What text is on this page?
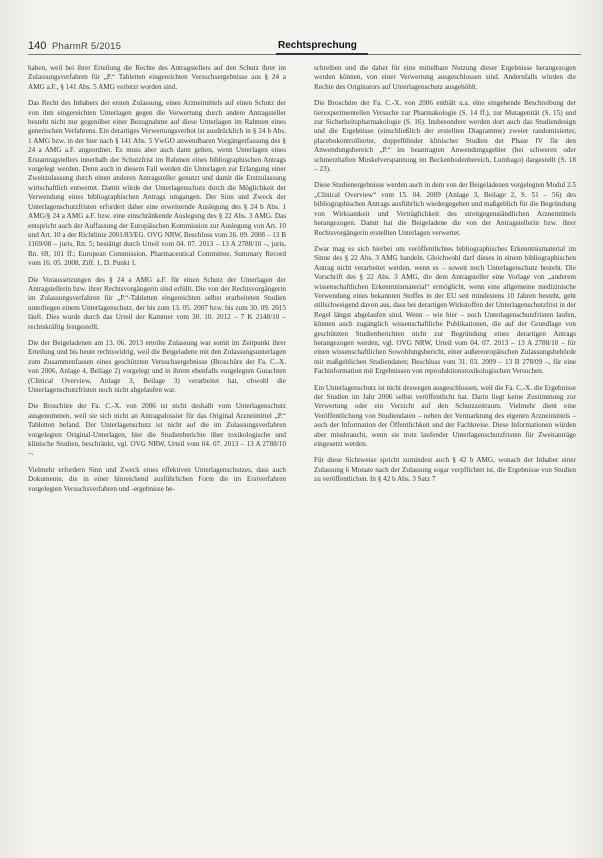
140 PharmR 5/2015	Rechtsprechung

haben, weil bei ihrer Erteilung die Rechte des Antragstellers auf den Schutz ihrer im Zulassungsverfahren für „P.“ Tabletten eingereichten Versuchsergebnisse aus § 24 a AMG a.F., § 141 Abs. 5 AMG verletzt worden sind.

Das Recht des Inhabers der ersten Zulassung, eines Arzneimittels auf einen Schutz der von ihm eingereichten Unterlagen gegen die Verwertung durch andere Antragsteller besteht nicht nur gegenüber einer Bezugnahme auf diese Unterlagen im Rahmen eines generischen Verfahrens. Ein derartiges Verwertungsverbot ist ausdrücklich in § 24 b Abs. 1 AMG bzw. in der hier nach § 141 Abs. 5 VwGO anwendbaren Vorgängerfassung des § 24 a AMG a.F. angeordnet. Es muss aber auch dann gelten, wenn Unterlagen eines Erstantragstellers innerhalb der Schutzfrist im Rahmen eines bibliographischen Antrags vorgelegt werden. Denn auch in diesem Fall werden die Unterlagen zur Erlangung einer Zweitzulassung durch einen anderen Antragsteller genutzt und damit die Erstzulassung wirtschaftlich entwertet. Damit würde der Unterlagenschutz durch die Möglichkeit der Verwendung eines bibliographischen Antrags umgangen. Der Sinn und Zweck der Unterlagenschutzfristen erfordert daher eine erweiternde Auslegung des § 24 b Abs. 1 AMG/§ 24 a AMG a.F. bzw. eine einschränkende Auslegung des § 22 Abs. 3 AMG. Das entspricht auch der Auffassung der Europäischen Kommission zur Auslegung von Art. 10 und Art. 10 a der Richtlinie 2001/83/EG. OVG NRW, Beschluss vom 26. 09. 2008 – 13 B 1169/08 – juris, Rn. 5; bestätigt durch Urteil vom 04. 07. 2013 – 13 A 2788/10 –, juris, Rn. 69, 101 ff.; European Commission, Pharmaceutical Committee, Summary Record vom 16. 05. 2008, Ziff. 1. D. Punkt 1.

Die Voraussetzungen des § 24 a AMG a.F. für einen Schutz der Unterlagen der Antragstellerin bzw. ihrer Rechtsvorgängerin sind erfüllt. Die von der Rechtsvorgängerin im Zulassungsverfahren für „P.“-Tabletten eingereichten selbst erarbeiteten Studien unterliegen einem Unterlagenschutz, der bis zum 13. 05. 2007 bzw. bis zum 30. 09. 2015 läuft. Dies wurde durch das Urteil der Kammer vom 30. 10. 2012 – 7 K 2148/10 – rechtskräftig festgestellt.

Die der Beigeladenen am 13. 06. 2013 erteilte Zulassung war somit im Zeitpunkt ihrer Erteilung und bis heute rechtswidrig, weil die Beigeladene mit den Zulassungsunterlagen zum Zusammenfassen eines geschützten Versuchsergebnisse (Broschüre der Fa. C.-X. von 2006, Anlage 4, Beilage 2) vorgelegt und in ihrem ebenfalls vorgelegten Gutachten (Clinical Overview, Anlage 3, Beilage 3) verarbeitet hat, obwohl die Unterlagenschutzfristen noch nicht abgelaufen war.

Die Broschüre der Fa. C.-X. von 2006 ist nicht deshalb vom Unterlagenschutz ausgenommen, weil sie sich nicht an Antragsdossier für das Original Arzneimittel „P.“ Tabletten befand. Der Unterlagenschutz ist nicht auf die im Zulassungsverfahren vorgelegten Original-Unterlagen, hier die Studienberichte über toxikologische und klinische Studien, beschränkt, vgl. OVG NRW, Urteil vom 04. 07. 2013 – 13 A 2788/10 –.

Vielmehr erfordern Sinn und Zweck eines effektiven Unterlagenschutzes, dass auch Dokumente, die in einer hinreichend ausführlichen Form die im Erstverfahren vorgelegten Versuchsverfahren und -ergebnisse be-

schreiben und die daher für eine mittelbare Nutzung dieser Ergebnisse herangezogen werden können, von einer Verwertung ausgeschlossen sind. Andernfalls würden die Rechte des Originators auf Unterlagenschutz ausgehöhlt.

Die Broschüre der Fa. C.-X. von 2006 enthält u.a. eine eingehende Beschreibung der tierexperimentellen Versuche zur Pharmakologie (S. 14 ff.), zur Mutagenität (S. 15) und zur Sicherheitspharmakologie (S. 16). Insbesondere werden dort auch das Studiendesign und die Ergebnisse (einschließlich der erstellten Diagramme) zweier randomisierter, placebokontrollierter, doppelblinder klinischer Studien der Phase IV für den Anwendungsbereich „P.“ im beantragten Anwendungsgebiet (bei schweren oder schmerzhaften Muskelverspannung im Beckenbodenbereich, Lumbago) dargestellt (S. 18 – 23).

Diese Studienergebnisse werden auch in dem von der Beigeladenen vorgelegten Modul 2.5 „Clinical Overview“ vom 15. 04. 2009 (Anlage 3, Beilage 2, S. 51 – 56) des bibliographischen Antrags ausführlich wiedergegeben und maßgeblich für die Begründung von Wirksamkeit und Verträglichkeit des streitgegenständlichen Arzneimittels herangezogen. Damit hat die Beigeladene die von der Antragstellerin bzw. ihrer Rechtsvorgängerin erstellten Unterlagen verwertet.

Zwar mag es sich hierbei um veröffentlichtes bibliographisches Erkenntnismaterial im Sinne des § 22 Abs. 3 AMG handeln. Gleichwohl darf dieses in einem bibliographischen Antrag nicht verarbeitet werden, wenn es – soweit noch Unterlagenschutz besteht. Die Vorschrift des § 22 Abs. 3 AMG, die dem Antragsteller eine Vorlage von „anderem wissenschaftlichen Erkenntnismaterial“ ermöglicht, wenn eine allgemeine medizinische Verwendung eines bekannten Stoffes in der EU seit mindestens 10 Jahren besteht, geht stillschweigend davon aus, dass bei derartigen Wirkstoffen der Unterlagenschutzfrist in der Regel längst abgelaufen sind. Wenn – wie hier – noch Unterlagenschutzfristen laufen, können auch zugänglich wissenschaftliche Publikationen, die auf der Grundlage von geschützten Studienberichten nicht zur Begründung eines derartigen Antrags herangezogen werden, vgl. OVG NRW, Urteil vom 04. 07. 2013 – 13 A 2788/10 – für einen wissenschaftlichen Sowohlungsbericht, einer außereuropäischen Zulassungsbehörde mit maßgeblichen Studiendaten; Beschluss vom 31. 03. 2009 – 13 B 278/09 –, für eine Fachinformation mit Ergebnissen von reproduktionstoxikologischen Versuchen.

Ein Unterlagenschutz ist nicht deswegen ausgeschlossen, weil die Fa. C.-X. die Ergebnisse der Studien im Jahr 2006 selbst veröffentlicht hat. Darin liegt keine Zustimmung zur Verwertung oder ein Verzicht auf den Schutzzeitraum. Vielmehr dient eine Veröffentlichung von Studiendaten – neben der Vermarktung des eigenen Arzneimittels – auch der Information der Öffentlichkeit und der Fachkreise. Diese Informationen würden aber missbraucht, wenn sie trotz laufender Unterlagenschutzfristen für Zweitanträge eingesetzt werden.

Für diese Sichtweise spricht zumindest auch § 42 b AMG, wonach der Inhaber einer Zulassung 6 Monate nach der Zulassung sogar verpflichtet ist, die Ergebnisse von Studien zu veröffentlichen. In § 42 b Abs. 3 Satz 7
